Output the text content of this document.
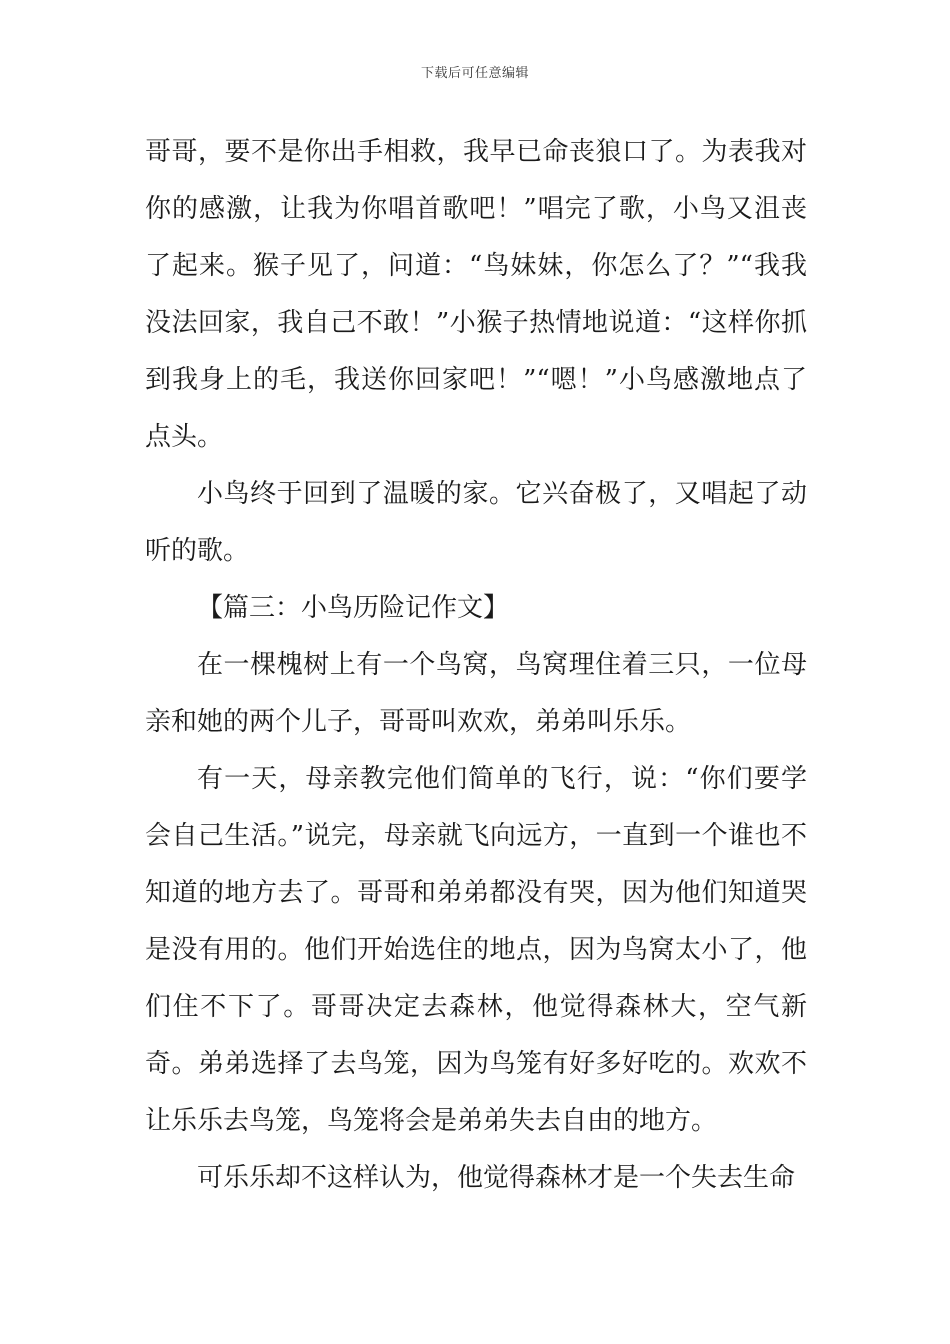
下载后可任意编辑

哥哥，要不是你出手相救，我早已命丧狼口了。为表我对你的感激，让我为你唱首歌吧！”唱完了歌，小鸟又沮丧了起来。猴子见了，问道：“鸟妹妹，你怎么了？”“我我没法回家，我自己不敢！”小猴子热情地说道：“这样你抓到我身上的毛，我送你回家吧！”“嗯！”小鸟感激地点了点头。

小鸟终于回到了温暖的家。它兴奋极了，又唱起了动听的歌。

【篇三：小鸟历险记作文】

在一棵槐树上有一个鸟窝，鸟窝理住着三只，一位母亲和她的两个儿子，哥哥叫欢欢，弟弟叫乐乐。

有一天，母亲教完他们简单的飞行，说：“你们要学会自己生活。”说完，母亲就飞向远方，一直到一个谁也不知道的地方去了。哥哥和弟弟都没有哭，因为他们知道哭是没有用的。他们开始选住的地点，因为鸟窝太小了，他们住不下了。哥哥决定去森林，他觉得森林大，空气新奇。弟弟选择了去鸟笼，因为鸟笼有好多好吃的。欢欢不让乐乐去鸟笼，鸟笼将会是弟弟失去自由的地方。

可乐乐却不这样认为，他觉得森林才是一个失去生命
